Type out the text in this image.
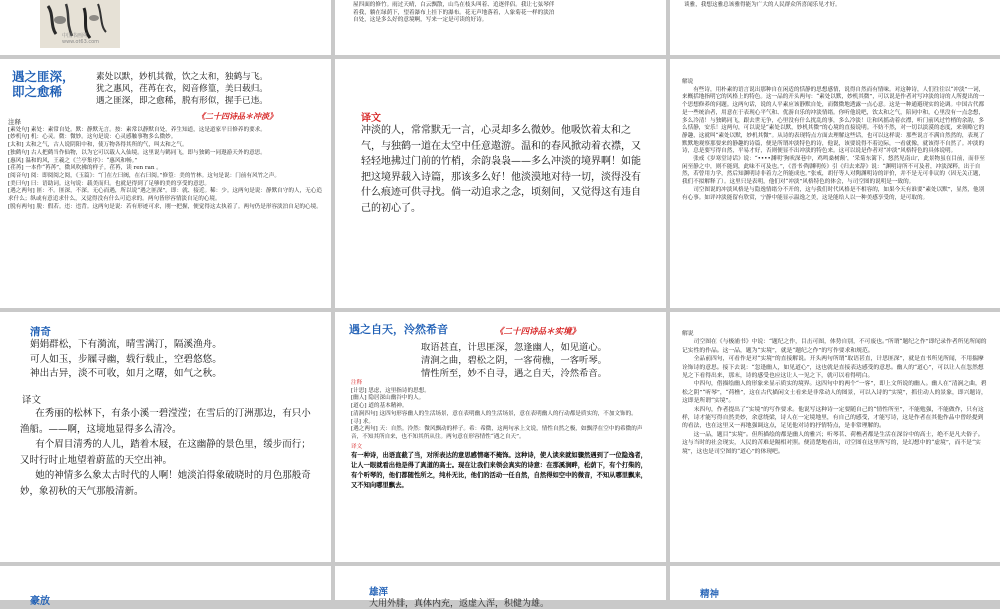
中国书画网 www.ot63.com
屋四面的修竹。雨过天晴，白云飘散，山鸟在枝头叫着、追逐伴侣。我让七弦琴伴
着我，躺在绿荫下，望着瀑布上挂下的瀑布。花无声地落着，人象菊花一样的淡泊
自处，这是多么好的意境啊，写来一定是可读的好诗。
谈雅，我想这雅总该雅得能为广大的人民群众所喜闻乐见才好。
遇之匪深，
即之愈稀
素处以默，妙机其微，饮之太和，独鹤与飞。
犹之惠风，荏苒在衣，阅音修篁，美曰载归。
遇之匪深，即之愈稀，脱有形似，握手已违。
《二十四诗品＊冲淡》
注释
[素处句] 素处：素常自处。默：静默无言。按：素常以静默自处，养生知道，这是道家平日修养的要求。
[妙机句] 机：心灵。微：微妙。这句是说：心灵感触事物多么微妙。
[太和] 太和之气，古人说阴阳中和，使万物各得其所的气，叫太和之气。
[独鹤句] 古人把鹤当作仙物，以为它可以载人入仙境。这里说与鹤同飞，即与独鹤一同遨游天外的意思。
[惠风] 温和的风，王羲之《兰亭集序》：“惠风和畅。”
[荏苒] 一本作“苒苒”，微风吹拂的样子。荏苒，读 ren ran 。
[阅音句] 阅：即阅阅之阅，《玉篇》：“门在左曰阀，在右曰阅。”修篁：美的竹林。这句是说：门前有风竹之声。
[美曰句] 曰：语助词。这句说：载美而归。也就是得到了足够的美的享受的意思。
[遇之两句] 匪：不。匪深，不深。无心而遇，所以说“遇之匪深”。即：就、接近。稀：少。这两句是说：静默自守的人，无心追求什么；纵或有意追求什么，又觉得没有什么可追求的。两句皆形容情淡自足的心境。
[脱有两句] 脱：假若。违：违背。这两句是说：若有形迹可求，刚一把握，便觉得这太执着了。两句仍是形容淡泊自足的心境。
译文
冲淡的人，常常默无一言，心灵却多么微妙。他吸饮着太和之气，与独鹤一道在太空中任意遨游。温和的春风掀动着衣襟，又轻轻地拂过门前的竹梢，余韵袅袅——多么冲淡的境界啊！如能把这境界载入诗篇，那该多么好！他淡漠地对待一切，淡得没有什么痕迹可供寻找。倘一动追求之念，顷刻间，又觉得这有违自己的初心了。
解说

有些诗，用朴素的语言说出那种自在闲适的恬静的思想感情，说得自然而有情味。对这种诗，人们往往以“冲淡”一词，来概括地指明它的风格上的特色。这一品的开头两句：“素处以默，妙机其微”，可以说是作者对写冲淡的诗的人所提出的一个思想修养的问题。这两句话，说的人平素应该静默自处，而微微地透露一点心意。这是一种通避现实的论调。中国古代都是一些统治者，用意在于表现心平气和、优游自乐的冲淡情绪。你听他说吧，饮太和之气，陪同中和，心里没有一点念想，多么冷清！与独鹤同飞，跟去世无争，心里没有什么扰乱的事，多么冷淡！让和风摇动着衣襟，听门前风过竹梢的余韵，多么恬静，安乐！这两句，可以说是“素处以默，妙机其微”的心境的直接说明。不妨不然，对一切以淡漠的态度，来领略它的静趣，这就叫“素处以默，妙机其微”。从诗的表现特点方面去理解这些话，也可以这样说：那些说言不满自然然的，表现了默默地观察那要来的静趣的诗篇，便是所谓冲淡特色的诗，他说，该要说得不着边际，一看就像，就该得不自然了。冲淡的诗，总是要写得自然，平易才好，否则便显不出冲淡的特色来。这可以说是作者对“冲淡”风格特色的具体说明。

张戒《岁寒堂诗话》说：“••••渊明‘狗吠深巷中，鸡鸣桑树颠’，‘采菊东篱下，悠然见南山’，此景物虽在目前，而非至闲至静之中，则不能到，此味不可及也。”，《晋书·陶渊明传》引《归去来辞》说：“渊明诗所不可及者，冲淡深粹，出于自然，若曾用力学，然后知渊明诗非着力之所能成也。”张戒，胡仔等人对陶渊明诗的评价，并不是无可非议的（因无关正题，我们不拟解释了）。这里只是表明，他们对“冲淡”风格特色的体会，与司空图的说明是一致的。

司空图说的冲淡风格是与隐逸情绪分不开的，这与我们时代风格是不相容的，如果今天有谁要“素处以默”，显然，他别有心事。如评冲淡能留有欣赏，宁静中能显示温逸之美，这是能给人以一种美感享受的，是可取的。

清奇
娟娟群松，下有漪流，晴雪满汀，隔溪渔舟。
可人如玉，步屧寻幽，载行载止，空碧悠悠。
神出古异，淡不可收，如月之曙，如气之秋。
译文

在秀丽的松林下，有条小溪一碧滢滢；在雪后的汀洲那边，有只小渔船。——啊，这境地显得多么清冷。

有个眉目清秀的人儿，踏着木屐，在这幽静的景色里，缓步而行；又时行时止地望着蔚蓝的天空出神。

她的神情多么象太古时代的人啊！她淡泊得象破晓时的月色那般奇妙，象初秋的天气那般清新。

遇之自天，泠然希音	《二十四诗品＊实境》
取语甚直，计思匪深，忽逢幽人，如见道心。
清涧之曲，碧松之阴，一客荷樵，一客听琴。
情性所至，妙不自寻，遇之自天，泠然希音。
注释
[计思] 思虑，这里指诗的思想。
[幽人] 隐居深山幽谷中的人。
[道心] 道的基本精神。
[清涧四句] 这四句形容幽人的生活场景，意在表明幽人的生活场景，意在表明幽人的行动都是质实的，不加文饰的。
[寻] 求。
[遇之两句] 天：自然。泠然：微风飘动的样子。希：希微，这两句承上文说，情性自然之极，如飘浮在空中的希微的声音，不知其所自来，也不知其所从往。两句意在形容情性“遇之自天”。
译文
有一种诗，出语直截了当，对所表达的意思感情毫不掩饰。这种诗，使人读来就如骤然遇到了一位隐逸者，让人一眼就看出他是得了真道的高士。现在让我们来领会真实的诗意：在那溪涧畔，松荫下，有个打柴的，有个听琴的，他们都随性所之，纯朴无比，他们的活动一任自然，自然得如空中的微音，不知从哪里飘来，又不知向哪里飘去。
解说

司空图在《与极浦书》中说：“题纪之作，目击可图，体势自别，不可废也。”所谓“题纪之作”即纪录作者所见所闻的记实性的作品。这一品，题为“实境”，就是“题纪之作”的写作要求和规范。

全品前四句，可看作是对“实境”的直接解说。开头两句所谓“取语甚直，计思匪深”，就是直书所见所闻，不用揣摩诠饰诗的意思。接下去说：“忽逢幽人，如见道心”，这也就是直接表达感受的意思。幽人的“道心”，可以让人在忽然想见之下看得出来，那末，诗的感受也应这让人一见之下，就可以看得明白。

中四句，借描绘幽人的形象来显示质实的境界。这四句中的两个“一客”，即上文所说的幽人。幽人在“清涧之曲，碧松之阴”“听琴”，“荷樵”，这在古代描闲文士看来是非常动人的图景，可以入诗的“实境”，抓住动人的景象，即兴题诗，这即是所谓“实境”。

末四句，作者提出了“实境”的写作要求。他说写这种诗一定要随自己的“情性所至”，不能勉强，不能做作，只有这样，诗才能写得自然美妙，余意绕梁，诗人在一定境地里，有自己的感受，才能写诗，这是作者在其他作品中曾经提到的看法，也在这里又一再地强调这点，足见他对诗的抒情特点，是非常理解的。

这一品，题目“实境”。但所描绘的都是幽人的雅兴；听琴茗、荷樵者都是生活在深谷中的高士，绝不是凡夫俗子。这与当时的社会现实，人民的苦难是隔相对照。便清楚地看出，司空图在这里所写的，是幻想中的“虚境”，而不是“实境”，这也是司空图的“道心”的体现吧。

豪放
雄浑
大用外腓，真体内充，返虚入浑，积健为雄。
精神
